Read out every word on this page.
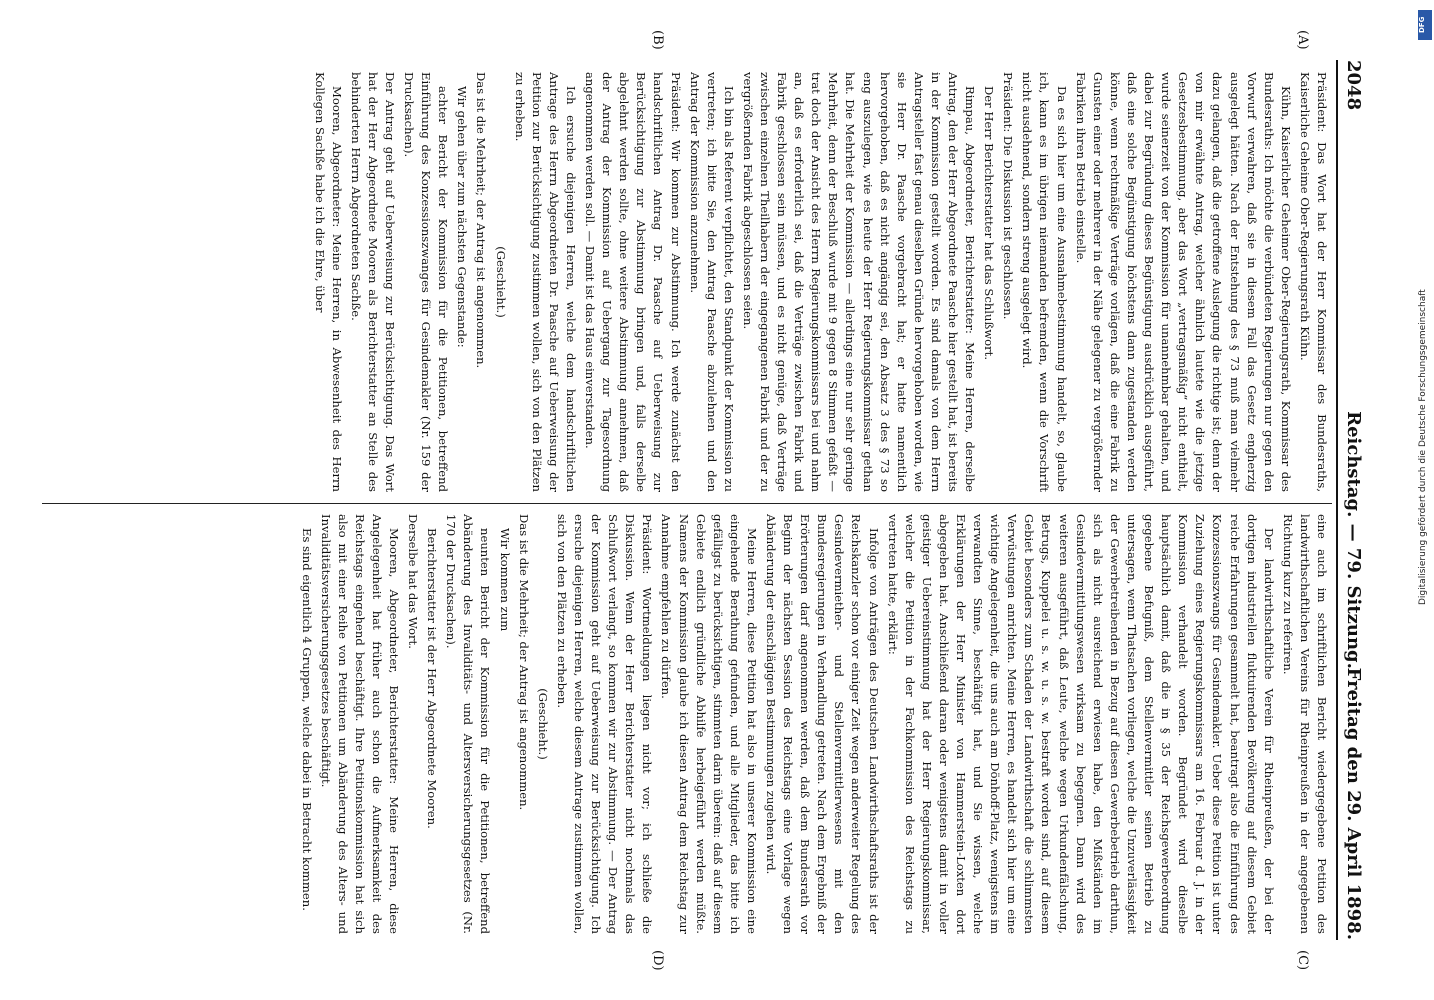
2048
Reichstag. — 79. Sitzung.
Freitag den 29. April 1898.
(A)
(B)
(C)
(D)

Präsident: Das Wort hat der Herr Kommissar des Bundesraths, Kaiserliche Geheime Ober-Regierungsrath Kühn.

Kühn, Kaiserlicher Geheimer Ober-Regierungsrath, Kommissar des Bundesraths: Ich möchte die verbündeten Regierungen nur gegen den Vorwurf verwahren, daß sie in diesem Fall das Gesetz engherzig ausgelegt hätten. Nach der Entstehung des § 73 muß man vielmehr dazu gelangen, daß die getroffene Auslegung die richtige ist; denn der von mir erwähnte Antrag, welcher ähnlich lautete wie die jetzige Gesetzesbestimmung, aber das Wort „vertragsmäßig“ nicht enthielt, wurde seinerzeit von der Kommission für unannehmbar gehalten, und dabei zur Begründung dieses Begünstigung ausdrücklich ausgeführt, daß eine solche Begünstigung höchstens dann zugestanden werden könne, wenn rechtmäßige Verträge vorlägen, daß die eine Fabrik zu Gunsten einer oder mehrerer in der Nähe gelegener zu vergrößernder Fabriken ihren Betrieb einstelle.

Da es sich hier um eine Ausnahmebestimmung handelt, so, glaube ich, kann es im übrigen niemanden befremden, wenn die Vorschrift nicht ausdehnend, sondern streng ausgelegt wird.

Präsident: Die Diskussion ist geschlossen.

Der Herr Berichterstatter hat das Schlußwort.

Rimpau, Abgeordneter, Berichterstatter: Meine Herren, derselbe Antrag, den der Herr Abgeordnete Paasche hier gestellt hat, ist bereits in der Kommission gestellt worden. Es sind damals von dem Herrn Antragsteller fast genau dieselben Gründe hervorgehoben worden, wie sie Herr Dr. Paasche vorgebracht hat; er hatte namentlich hervorgehoben, daß es nicht angängig sei, den Absatz 3 des § 73 so eng auszulegen, wie es heute der Herr Regierungskommissar gethan hat. Die Mehrheit der Kommission — allerdings eine nur sehr geringe Mehrheit, denn der Beschluß wurde mit 9 gegen 8 Stimmen gefaßt — trat doch der Ansicht des Herrn Regierungskommissars bei und nahm an, daß es erforderlich sei, daß die Verträge zwischen Fabrik und Fabrik geschlossen sein müssen, und es nicht genüge, daß Verträge zwischen einzelnen Theilhabern der eingegangenen Fabrik und der zu vergrößernden Fabrik abgeschlossen seien.

Ich bin als Referent verpflichtet, den Standpunkt der Kommission zu vertreten; ich bitte Sie, den Antrag Paasche abzulehnen und den Antrag der Kommission anzunehmen.

Präsident: Wir kommen zur Abstimmung. Ich werde zunächst den handschriftlichen Antrag Dr. Paasche auf Ueberweisung zur Berücksichtigung zur Abstimmung bringen und, falls derselbe abgelehnt werden sollte, ohne weitere Abstimmung annehmen, daß der Antrag der Kommission auf Uebergang zur Tagesordnung angenommen werden soll. — Damit ist das Haus einverstanden.

Ich ersuche diejenigen Herren, welche dem handschriftlichen Antrage des Herrn Abgeordneten Dr. Paasche auf Ueberweisung der Petition zur Berücksichtigung zustimmen wollen, sich von den Plätzen zu erheben.

(Geschieht.)

Das ist die Mehrheit; der Antrag ist angenommen.

Wir gehen über zum nächsten Gegenstande:

achter Bericht der Kommission für die Petitionen, betreffend Einführung des Konzessionszwanges für Gesindemakler (Nr. 159 der Drucksachen).

Der Antrag geht auf Ueberweisung zur Berücksichtigung. Das Wort hat der Herr Abgeordnete Mooren als Berichterstatter an Stelle des behinderten Herrn Abgeordneten Sachße.

Mooren, Abgeordneter: Meine Herren, in Abwesenheit des Herrn Kollegen Sachße habe ich die Ehre, über

eine auch im schriftlichen Bericht wiedergegebene Petition des landwirthschaftlichen Vereins für Rheinpreußen in der angegebenen Richtung kurz zu referiren.

Der landwirthschaftliche Verein für Rheinpreußen, der bei der dortigen industriellen fluktuirenden Bevölkerung auf diesem Gebiet reiche Erfahrungen gesammelt hat, beantragt also die Einführung des Konzessionszwangs für Gesindemakler. Ueber diese Petition ist unter Zuziehung eines Regierungskommissars am 16. Februar d. J. in der Kommission verhandelt worden. Begründet wird dieselbe hauptsächlich damit, daß die in § 35 der Reichsgewerbeordnung gegebene Befugniß, dem Stellenvermittler seinen Betrieb zu untersagen, wenn Thatsachen vorliegen, welche die Unzuverlässigkeit der Gewerbetreibenden in Bezug auf diesen Gewerbebetrieb darthun, sich als nicht ausreichend erwiesen habe, den Mißständen im Gesindevermittlungswesen wirksam zu begegnen. Dann wird des weiteren ausgeführt, daß Leute, welche wegen Urkundenfälschung, Betrugs, Kuppelei u. s. w. u. s. w. bestraft worden sind, auf diesem Gebiet besonders zum Schaden der Landwirthschaft die schlimmsten Verwüstungen anrichten. Meine Herren, es handelt sich hier um eine wichtige Angelegenheit, die uns auch am Dönhoff-Platz, wenigstens im verwandten Sinne, beschäftigt hat, und Sie wissen, welche Erklärungen der Herr Minister von Hammerstein-Loxten dort abgegeben hat. Anschließend daran oder wenigstens damit in voller geistiger Uebereinstimmung hat der Herr Regierungskommissar, welcher die Petition in der Fachkommission des Reichstags zu vertreten hatte, erklärt:

Infolge von Anträgen des Deutschen Landwirthschaftsraths ist der Reichskanzler schon vor einiger Zeit wegen anderweiter Regelung des Gesindevermiether- und Stellenvermittlerwesens mit den Bundesregierungen in Verhandlung getreten. Nach dem Ergebniß der Erörterungen darf angenommen werden, daß dem Bundesrath vor Beginn der nächsten Session des Reichstags eine Vorlage wegen Abänderung der einschlägigen Bestimmungen zugehen wird.

Meine Herren, diese Petition hat also in unserer Kommission eine eingehende Berathung gefunden, und alle Mitglieder, das bitte ich gefälligst zu berücksichtigen, stimmten darin überein: daß auf diesem Gebiete endlich gründliche Abhilfe herbeigeführt werden müßte. Namens der Kommission glaube ich diesen Antrag dem Reichstag zur Annahme empfehlen zu dürfen.

Präsident: Wortmeldungen liegen nicht vor; ich schließe die Diskussion. Wenn der Herr Berichterstatter nicht nochmals das Schlußwort verlangt, so kommen wir zur Abstimmung. — Der Antrag der Kommission geht auf Ueberweisung zur Berücksichtigung. Ich ersuche diejenigen Herren, welche diesem Antrage zustimmen wollen, sich von den Plätzen zu erheben.

(Geschieht.)

Das ist die Mehrheit; der Antrag ist angenommen.

Wir kommen zum

neunten Bericht der Kommission für die Petitionen, betreffend Abänderung des Invaliditäts- und Altersversicherungsgesetzes (Nr. 170 der Drucksachen).

Berichterstatter ist der Herr Abgeordnete Mooren.

Derselbe hat das Wort.

Mooren, Abgeordneter, Berichterstatter: Meine Herren, diese Angelegenheit hat früher auch schon die Aufmerksamkeit des Reichstags eingehend beschäftigt. Ihre Petitionskommission hat sich also mit einer Reihe von Petitionen um Abänderung des Alters- und Invaliditätsversicherungsgesetzes beschäftigt.

Es sind eigentlich 4 Gruppen, welche dabei in Betracht kommen.

DFG
Digitalisierung gefördert durch die Deutsche Forschungsgemeinschaft
